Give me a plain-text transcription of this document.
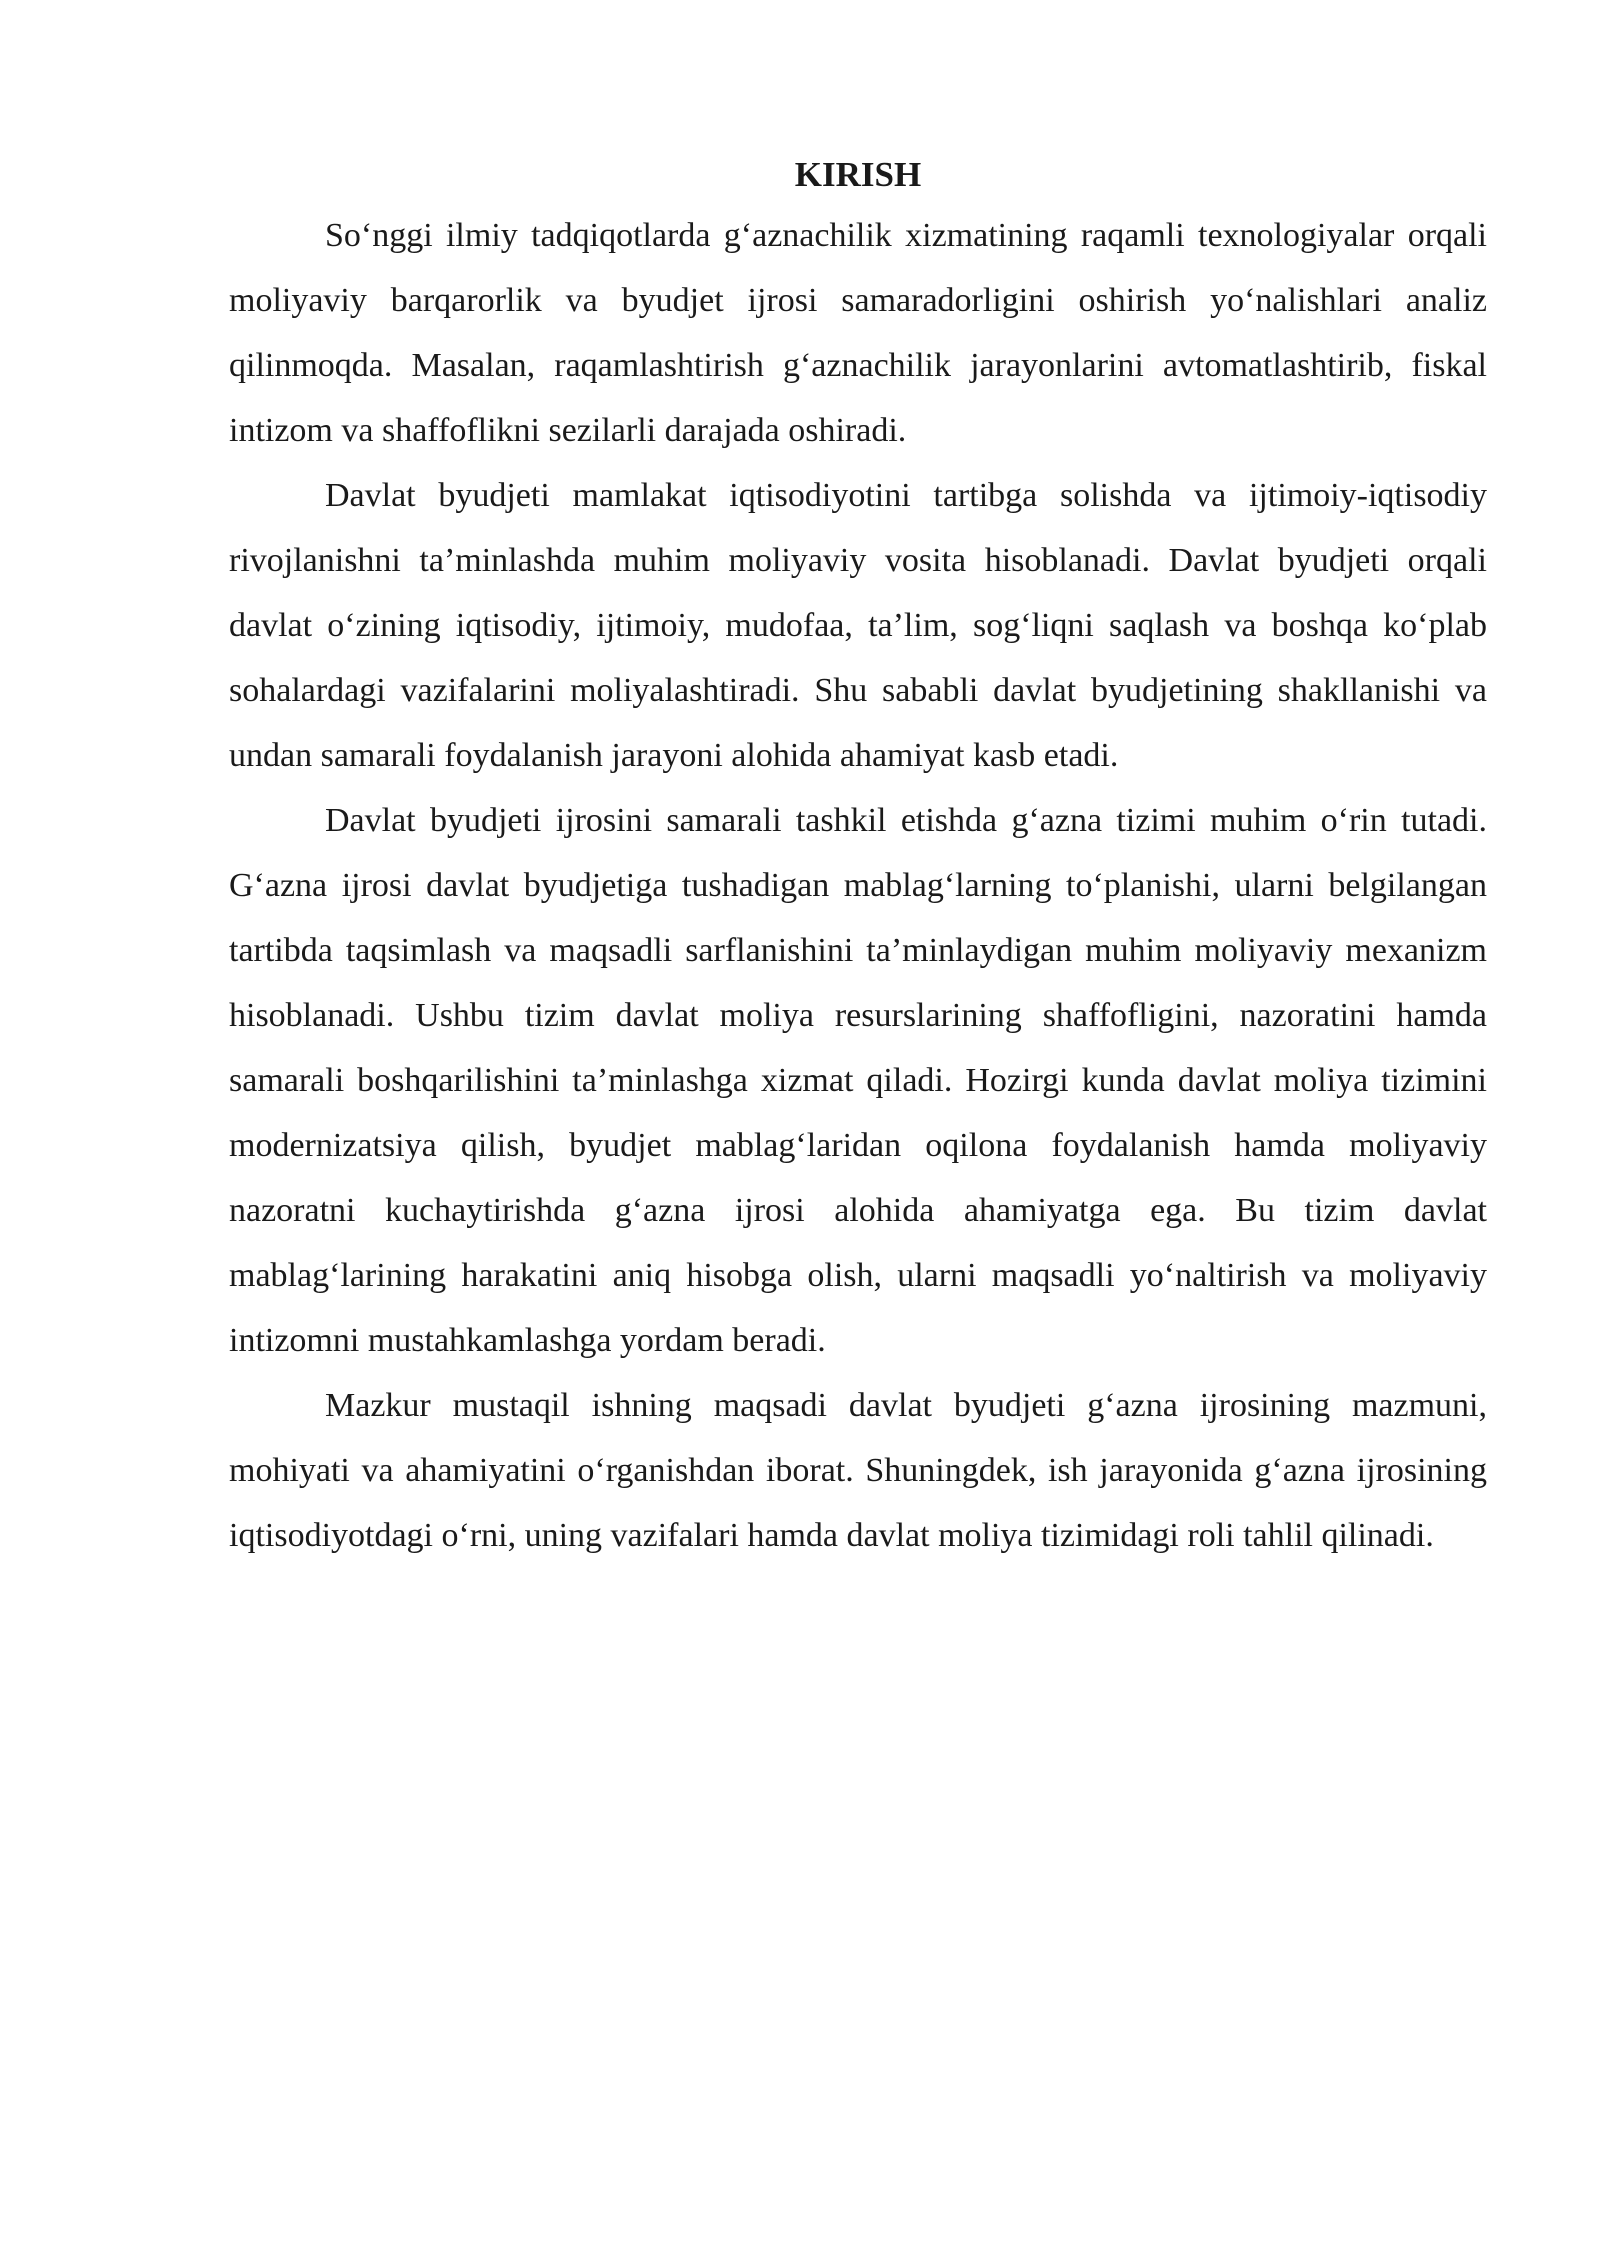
KIRISH

So‘nggi ilmiy tadqiqotlarda g‘aznachilik xizmatining raqamli texnologiyalar orqali moliyaviy barqarorlik va byudjet ijrosi samaradorligini oshirish yo‘nalishlari analiz qilinmoqda. Masalan, raqamlashtirish g‘aznachilik jarayonlarini avtomatlashtirib, fiskal intizom va shaffoflikni sezilarli darajada oshiradi.

Davlat byudjeti mamlakat iqtisodiyotini tartibga solishda va ijtimoiy-iqtisodiy rivojlanishni ta’minlashda muhim moliyaviy vosita hisoblanadi. Davlat byudjeti orqali davlat o‘zining iqtisodiy, ijtimoiy, mudofaa, ta’lim, sog‘liqni saqlash va boshqa ko‘plab sohalardagi vazifalarini moliyalashtiradi. Shu sababli davlat byudjetining shakllanishi va undan samarali foydalanish jarayoni alohida ahamiyat kasb etadi.

Davlat byudjeti ijrosini samarali tashkil etishda g‘azna tizimi muhim o‘rin tutadi. G‘azna ijrosi davlat byudjetiga tushadigan mablag‘larning to‘planishi, ularni belgilangan tartibda taqsimlash va maqsadli sarflanishini ta’minlaydigan muhim moliyaviy mexanizm hisoblanadi. Ushbu tizim davlat moliya resurslarining shaffofligini, nazoratini hamda samarali boshqarilishini ta’minlashga xizmat qiladi. Hozirgi kunda davlat moliya tizimini modernizatsiya qilish, byudjet mablag‘laridan oqilona foydalanish hamda moliyaviy nazoratni kuchaytirishda g‘azna ijrosi alohida ahamiyatga ega. Bu tizim davlat mablag‘larining harakatini aniq hisobga olish, ularni maqsadli yo‘naltirish va moliyaviy intizomni mustahkamlashga yordam beradi.

Mazkur mustaqil ishning maqsadi davlat byudjeti g‘azna ijrosining mazmuni, mohiyati va ahamiyatini o‘rganishdan iborat. Shuningdek, ish jarayonida g‘azna ijrosining iqtisodiyotdagi o‘rni, uning vazifalari hamda davlat moliya tizimidagi roli tahlil qilinadi.
